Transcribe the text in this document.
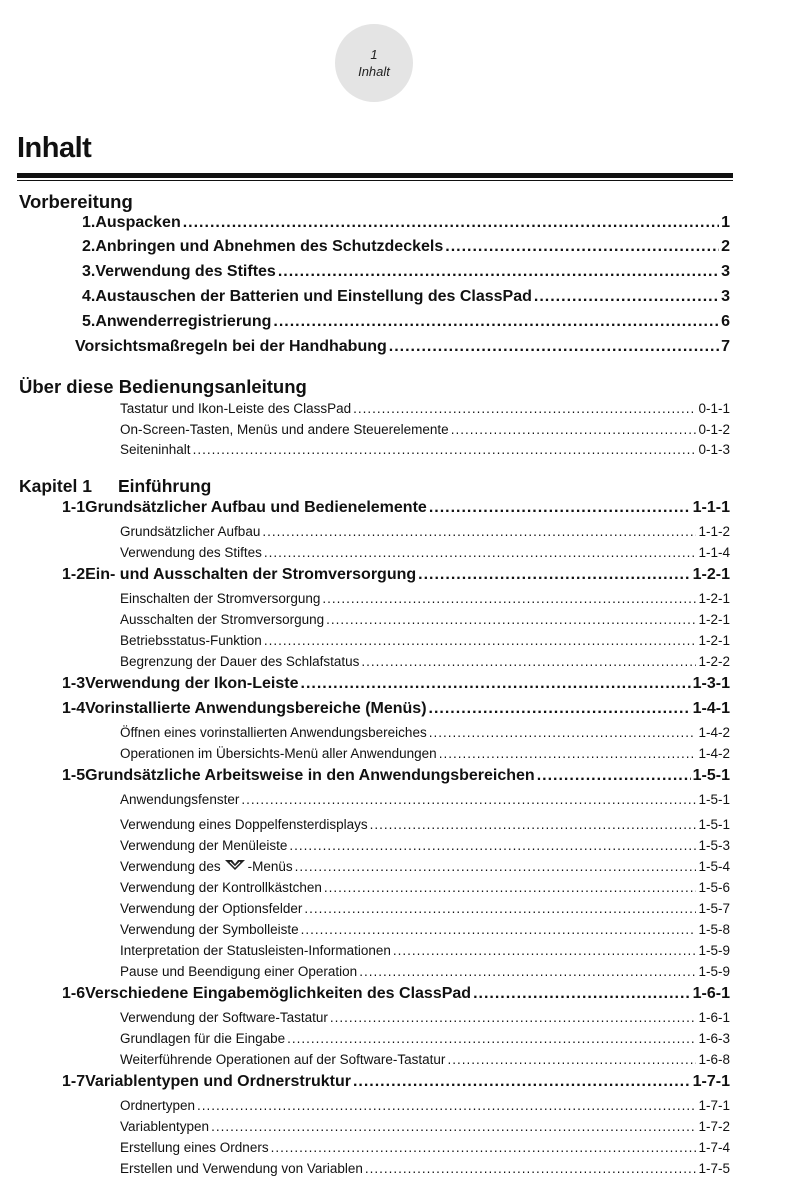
1
Inhalt
Inhalt
Vorbereitung
1. Auspacken .....	1
2. Anbringen und Abnehmen des Schutzdeckels .....	2
3. Verwendung des Stiftes .....	3
4. Austauschen der Batterien und Einstellung des ClassPad .....	3
5. Anwenderregistrierung .....	6
Vorsichtsmaßregeln bei der Handhabung .....	7
Über diese Bedienungsanleitung
Tastatur und Ikon-Leiste des ClassPad .....	0-1-1
On-Screen-Tasten, Menüs und andere Steuerelemente .....	0-1-2
Seiteninhalt .....	0-1-3
Kapitel 1	Einführung
1-1 Grundsätzlicher Aufbau und Bedienelemente .....	1-1-1
Grundsätzlicher Aufbau .....	1-1-2
Verwendung des Stiftes .....	1-1-4
1-2 Ein- und Ausschalten der Stromversorgung .....	1-2-1
Einschalten der Stromversorgung .....	1-2-1
Ausschalten der Stromversorgung .....	1-2-1
Betriebsstatus-Funktion .....	1-2-1
Begrenzung der Dauer des Schlafstatus .....	1-2-2
1-3 Verwendung der Ikon-Leiste .....	1-3-1
1-4 Vorinstallierte Anwendungsbereiche (Menüs) .....	1-4-1
Öffnen eines vorinstallierten Anwendungsbereiches .....	1-4-2
Operationen im Übersichts-Menü aller Anwendungen .....	1-4-2
1-5 Grundsätzliche Arbeitsweise in den Anwendungsbereichen .....	1-5-1
Anwendungsfenster .....	1-5-1
Verwendung eines Doppelfensterdisplays .....	1-5-1
Verwendung der Menüleiste .....	1-5-3
Verwendung des -Menüs .....	1-5-4
Verwendung der Kontrollkästchen .....	1-5-6
Verwendung der Optionsfelder .....	1-5-7
Verwendung der Symbolleiste .....	1-5-8
Interpretation der Statusleisten-Informationen .....	1-5-9
Pause und Beendigung einer Operation .....	1-5-9
1-6 Verschiedene Eingabemöglichkeiten des ClassPad .....	1-6-1
Verwendung der Software-Tastatur .....	1-6-1
Grundlagen für die Eingabe .....	1-6-3
Weiterführende Operationen auf der Software-Tastatur .....	1-6-8
1-7 Variablentypen und Ordnerstruktur .....	1-7-1
Ordnertypen .....	1-7-1
Variablentypen .....	1-7-2
Erstellung eines Ordners .....	1-7-4
Erstellen und Verwendung von Variablen .....	1-7-5
